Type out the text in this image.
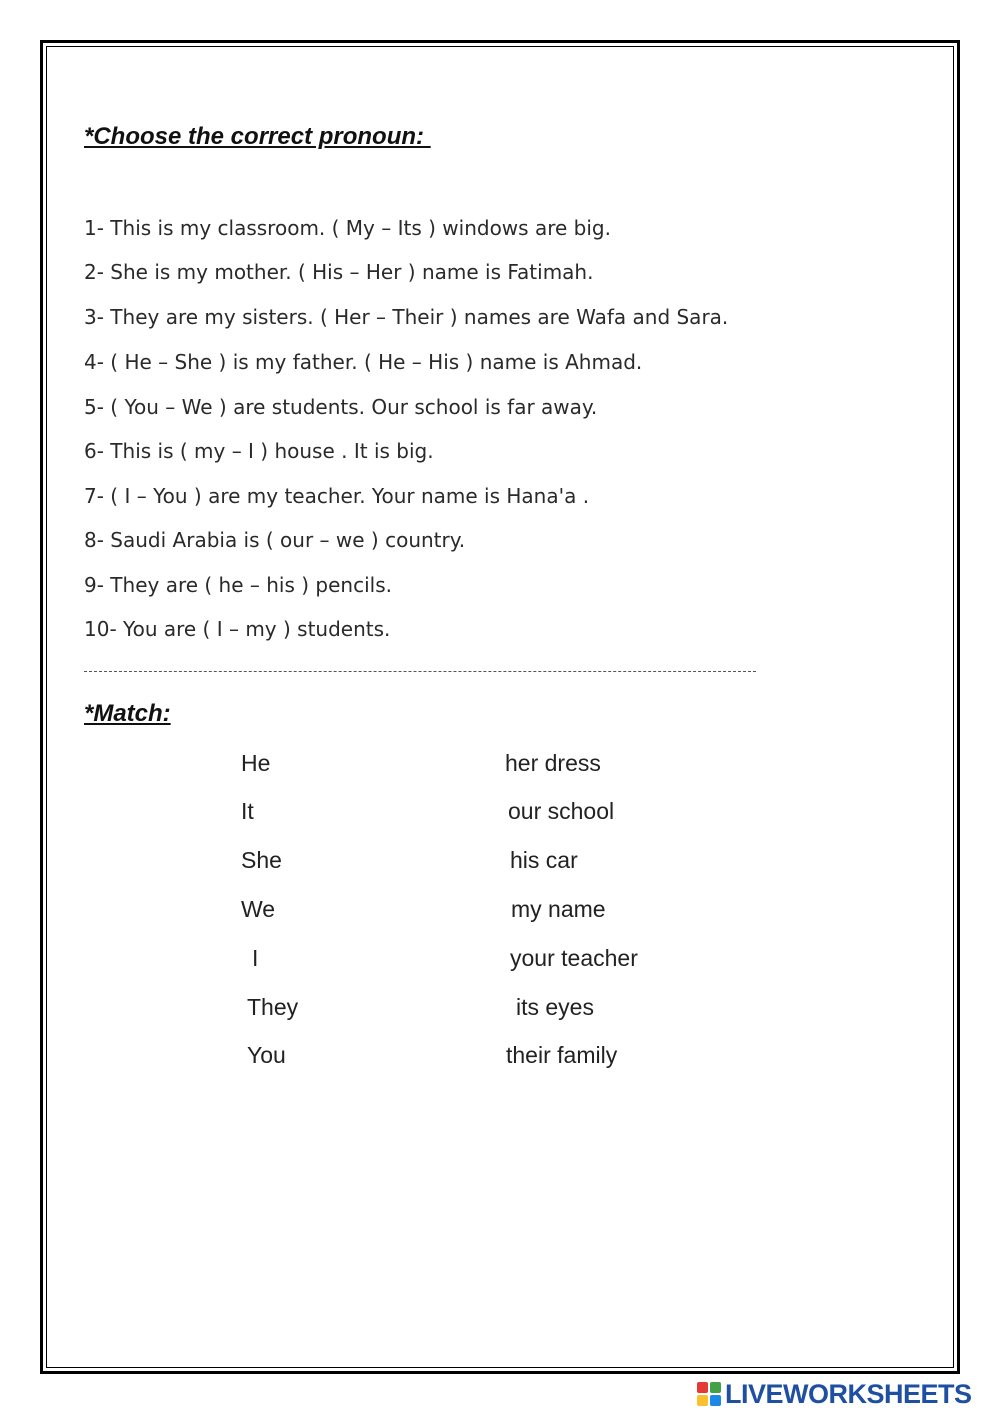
*Choose the correct pronoun:
1- This is my classroom. ( My – Its ) windows are big.
2- She is my mother. ( His – Her ) name is Fatimah.
3- They are my sisters. ( Her – Their ) names are Wafa and Sara.
4- ( He – She ) is my father. ( He – His ) name is Ahmad.
5- ( You – We ) are students. Our school is far away.
6- This is ( my – I ) house . It is big.
7- ( I – You ) are my teacher. Your name is Hana'a .
8- Saudi Arabia is ( our – we ) country.
9- They are ( he – his ) pencils.
10- You are ( I – my ) students.
*Match:
He
It
She
We
I
They
You
her dress
our school
his car
my name
your teacher
its eyes
their family
LIVEWORKSHEETS
